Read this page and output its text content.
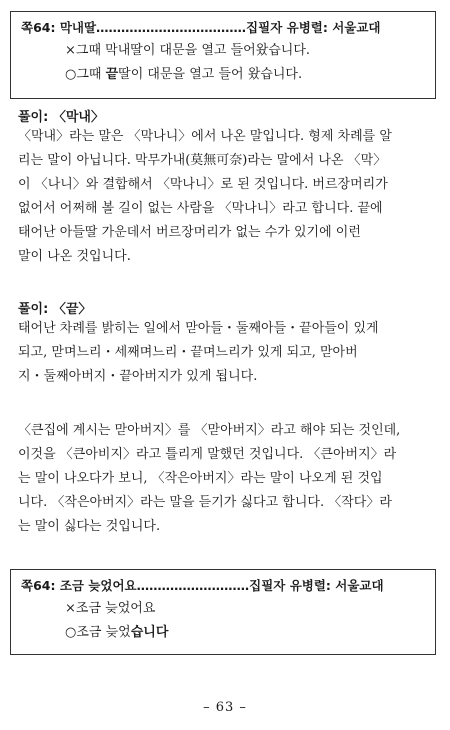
쪽64: 막내딸………………………………집필자 유병렬: 서울교대
×그때 막내딸이 대문을 열고 들어왔습니다.
○그때 끝딸이 대문을 열고 들어 왔습니다.
풀이: 〈막내〉
〈막내〉라는 말은 〈막나니〉에서 나온 말입니다. 형제 차례를 알
리는 말이 아닙니다. 막무가내(莫無可奈)라는 말에서 나온 〈막〉
이 〈나니〉와 결합해서 〈막나니〉로 된 것입니다. 버르장머리가
없어서 어쩌해 볼 길이 없는 사람을 〈막나니〉라고 합니다. 끝에
태어난 아들딸 가운데서 버르장머리가 없는 수가 있기에 이런
말이 나온 것입니다.
풀이: 〈끝〉
태어난 차례를 밝히는 일에서 맏아들・둘째아들・끝아들이 있게
되고, 맏며느리・세째며느리・끝며느리가 있게 되고, 맏아버
지・둘째아버지・끝아버지가 있게 됩니다.
〈큰집에 계시는 맏아버지〉를 〈맏아버지〉라고 해야 되는 것인데,
이것을 〈큰아비지〉라고 틀리게 말했던 것입니다. 〈큰아버지〉라
는 말이 나오다가 보니, 〈작은아버지〉라는 말이 나오게 된 것입
니다. 〈작은아버지〉라는 말을 듣기가 싫다고 합니다. 〈작다〉라
는 말이 싫다는 것입니다.
쪽64: 조금 늦었어요………………………집필자 유병렬: 서울교대
×조금 늦었어요
○조금 늦었습니다
– 63 –
